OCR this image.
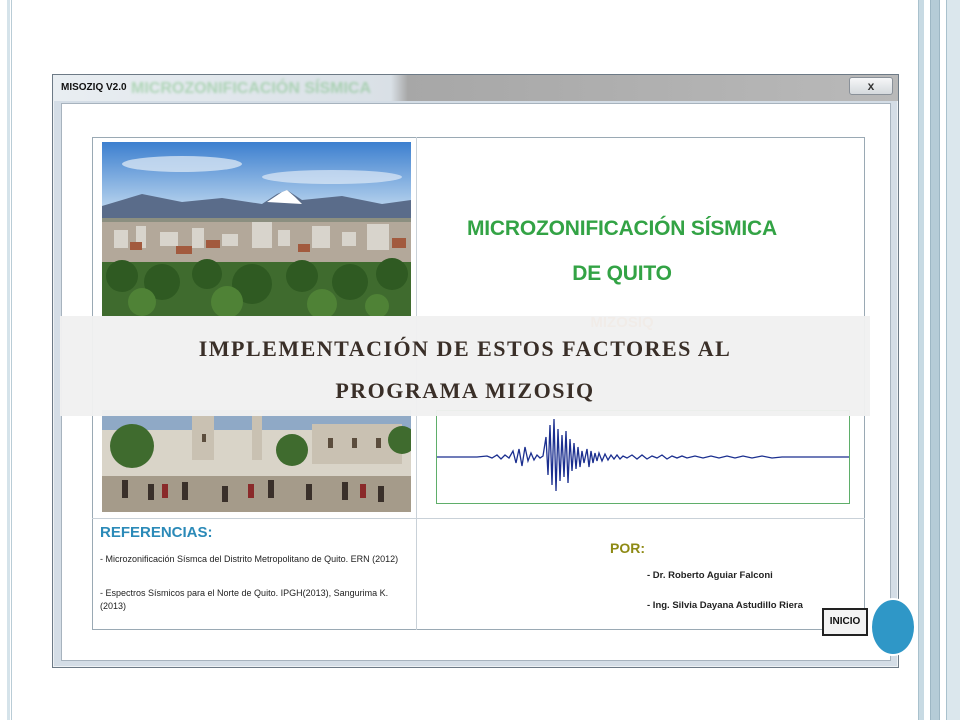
MISOZIQ V2.0 MICROZONIFICACIÓN SÍSMICA	x
MICROZONIFICACIÓN SÍSMICA
DE QUITO
REFERENCIAS:
- Microzonificación Sísmca del Distrito Metropolitano de Quito. ERN (2012)
- Espectros Sísmicos para el Norte de Quito. IPGH(2013), Sangurima K. (2013)
POR:
- Dr. Roberto Aguiar Falconi
- Ing. Silvia Dayana Astudillo Riera
INICIO
IMPLEMENTACIÓN DE ESTOS FACTORES AL
PROGRAMA MIZOSIQ
